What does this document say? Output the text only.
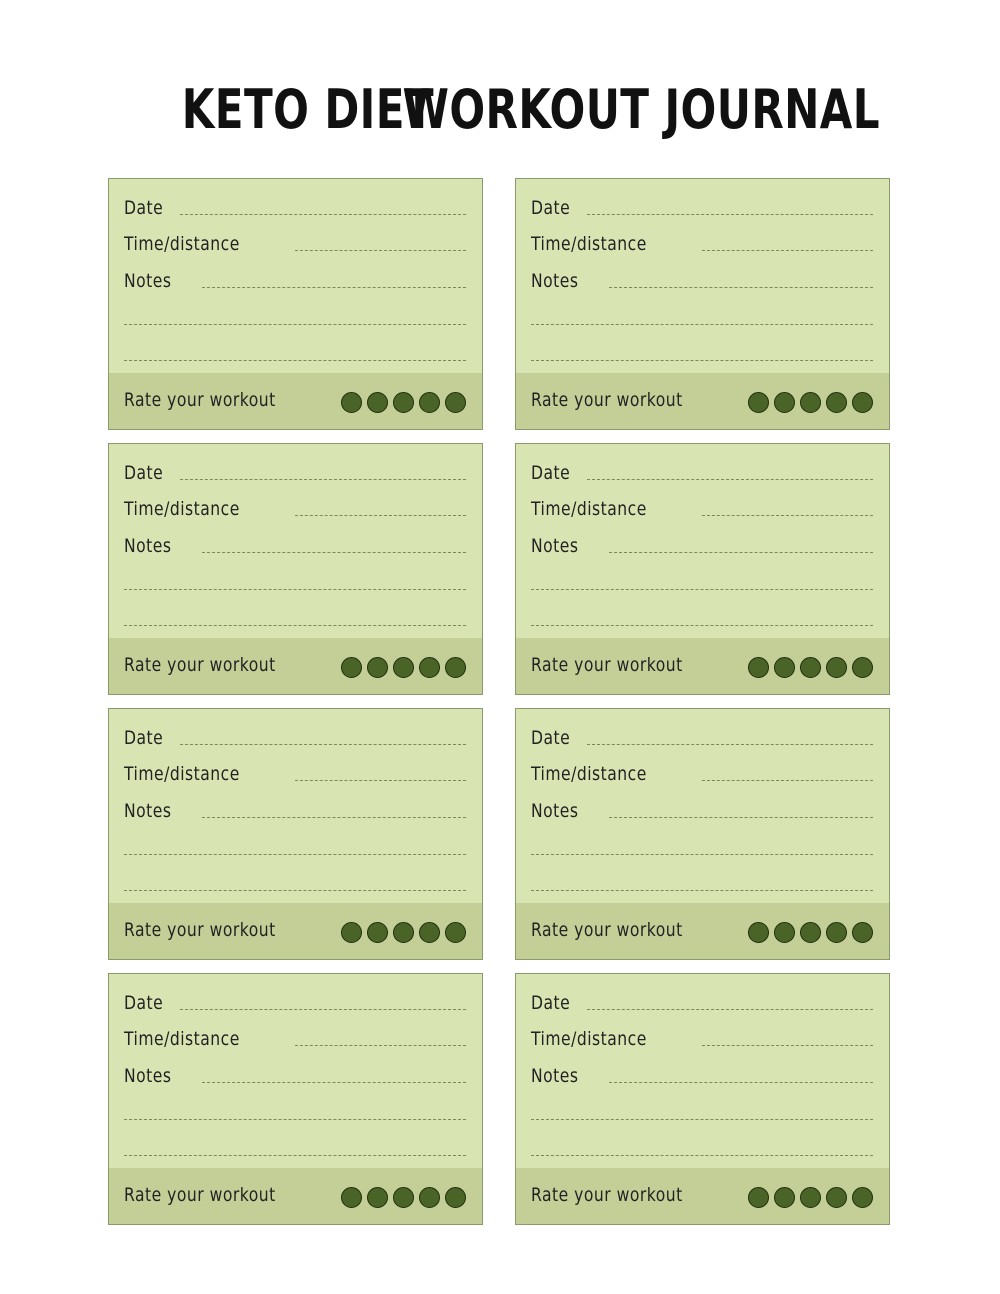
KETO DIET
WORKOUT JOURNAL
Date
Time/distance
Notes
Rate your workout
Date
Time/distance
Notes
Rate your workout
Date
Time/distance
Notes
Rate your workout
Date
Time/distance
Notes
Rate your workout
Date
Time/distance
Notes
Rate your workout
Date
Time/distance
Notes
Rate your workout
Date
Time/distance
Notes
Rate your workout
Date
Time/distance
Notes
Rate your workout
